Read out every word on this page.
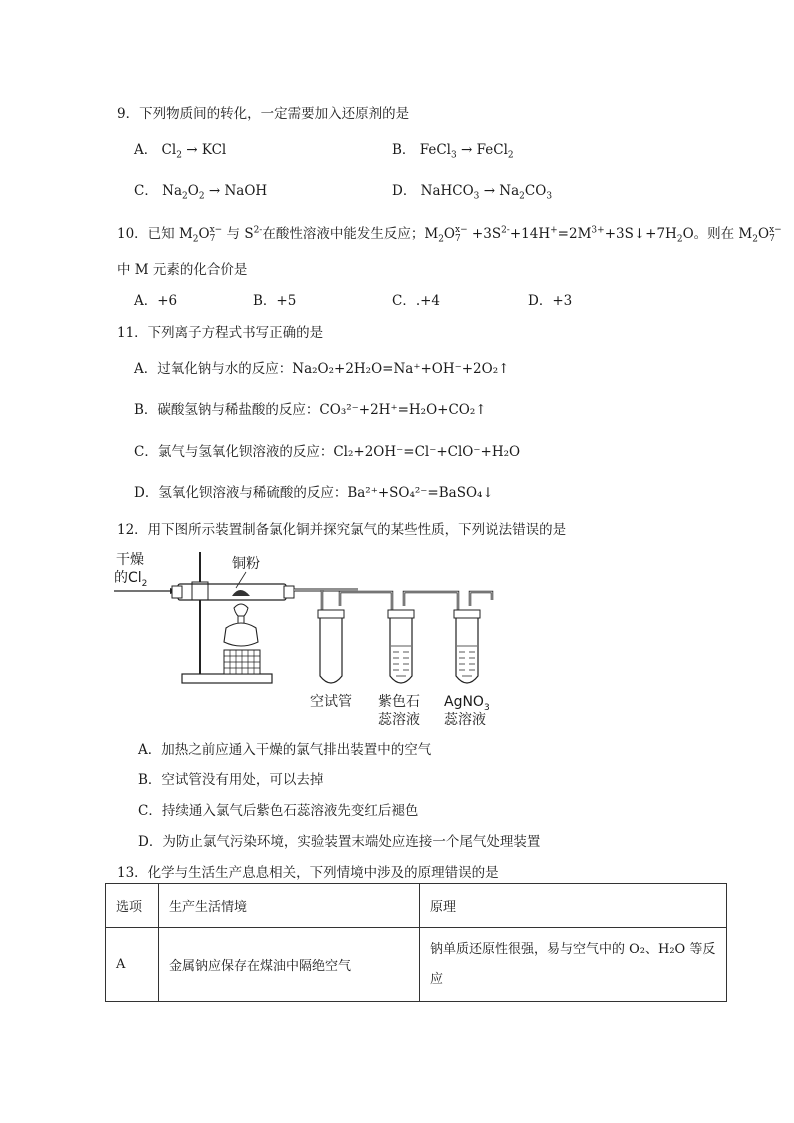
9．下列物质间的转化，一定需要加入还原剂的是
A． $Cl_2$ → KCl	B． FeCl$_3$ → FeCl$_2$
C． $Na_2O_2$ → NaOH	D． NaHCO$_3$ → $Na_2CO_3$
10．已知 $M_2O$ x−
7 与 $S^{2-}$在酸性溶液中能发生反应；$M_2O$ x−
$7 +3S^{2-}+14H^+=2M^{3+}+3S↓+7H_2O$。则在 $M_2O$ x−
7
中 M 元素的化合价是
A．+6	B．+5	C．.+4	D．+3
11．下列离子方程式书写正确的是
A．过氧化钠与水的反应：Na₂O₂+2H₂O=Na⁺+OH⁻+2O₂↑
B．碳酸氢钠与稀盐酸的反应：CO₃²⁻+2H⁺=H₂O+CO₂↑
C．氯气与氢氧化钡溶液的反应：Cl₂+2OH⁻=Cl⁻+ClO⁻+H₂O
D．氢氧化钡溶液与稀硫酸的反应：Ba²⁺+SO₄²⁻=BaSO₄↓
12．用下图所示装置制备氯化铜并探究氯气的某些性质，下列说法错误的是
干燥
的$Cl_2$
铜粉
空试管 紫色石
蕊溶液
AgNO$_3$
蕊溶液
A．加热之前应通入干燥的氯气排出装置中的空气
B．空试管没有用处，可以去掉
C．持续通入氯气后紫色石蕊溶液先变红后褪色
D．为防止氯气污染环境，实验装置末端处应连接一个尾气处理装置
13．化学与生活生产息息相关，下列情境中涉及的原理错误的是
选项	生产生活情境	原理
A	金属钠应保存在煤油中隔绝空气	钠单质还原性很强，易与空气中的 O₂、H₂O 等反
应
